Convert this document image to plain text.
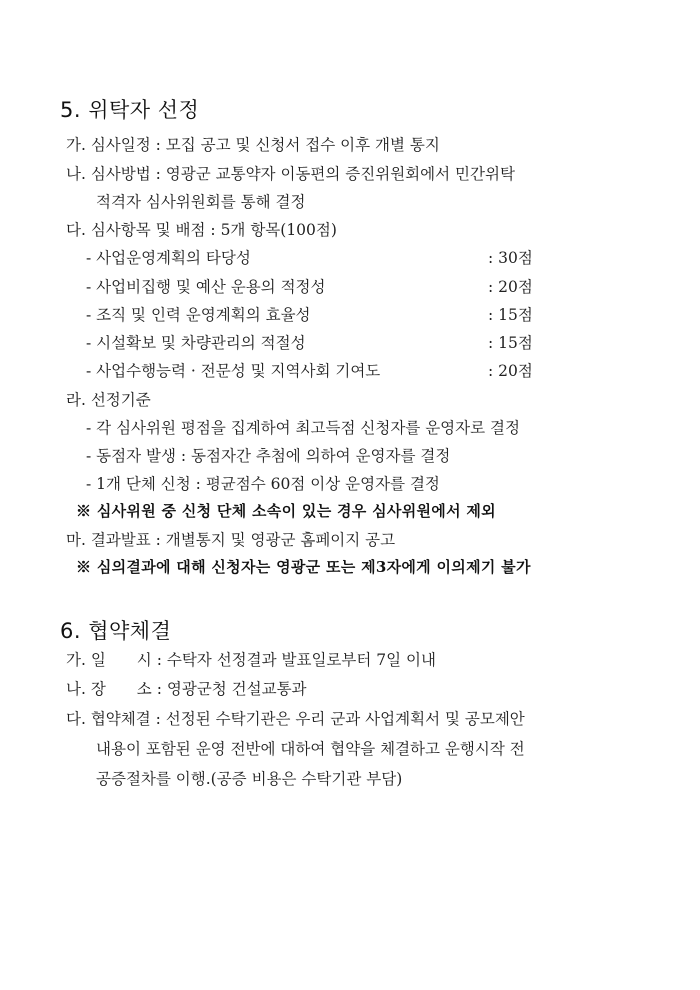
5. 위탁자 선정
가. 심사일정 : 모집 공고 및 신청서 접수 이후 개별 통지
나. 심사방법 : 영광군 교통약자 이동편의 증진위원회에서 민간위탁
적격자 심사위원회를 통해 결정
다. 심사항목 및 배점 : 5개 항목(100점)
- 사업운영계획의 타당성	: 30점
- 사업비집행 및 예산 운용의 적정성	: 20점
- 조직 및 인력 운영계획의 효율성	: 15점
- 시설확보 및 차량관리의 적절성	: 15점
- 사업수행능력 · 전문성 및 지역사회 기여도	: 20점
라. 선정기준
- 각 심사위원 평점을 집계하여 최고득점 신청자를 운영자로 결정
- 동점자 발생 : 동점자간 추첨에 의하여 운영자를 결정
- 1개 단체 신청 : 평균점수 60점 이상 운영자를 결정
※ 심사위원 중 신청 단체 소속이 있는 경우 심사위원에서 제외
마. 결과발표 : 개별통지 및 영광군 홈페이지 공고
※ 심의결과에 대해 신청자는 영광군 또는 제3자에게 이의제기 불가
6. 협약체결
가. 일　　시 : 수탁자 선정결과 발표일로부터 7일 이내
나. 장　　소 : 영광군청 건설교통과
다. 협약체결 : 선정된 수탁기관은 우리 군과 사업계획서 및 공모제안
내용이 포함된 운영 전반에 대하여 협약을 체결하고 운행시작 전
공증절차를 이행.(공증 비용은 수탁기관 부담)
